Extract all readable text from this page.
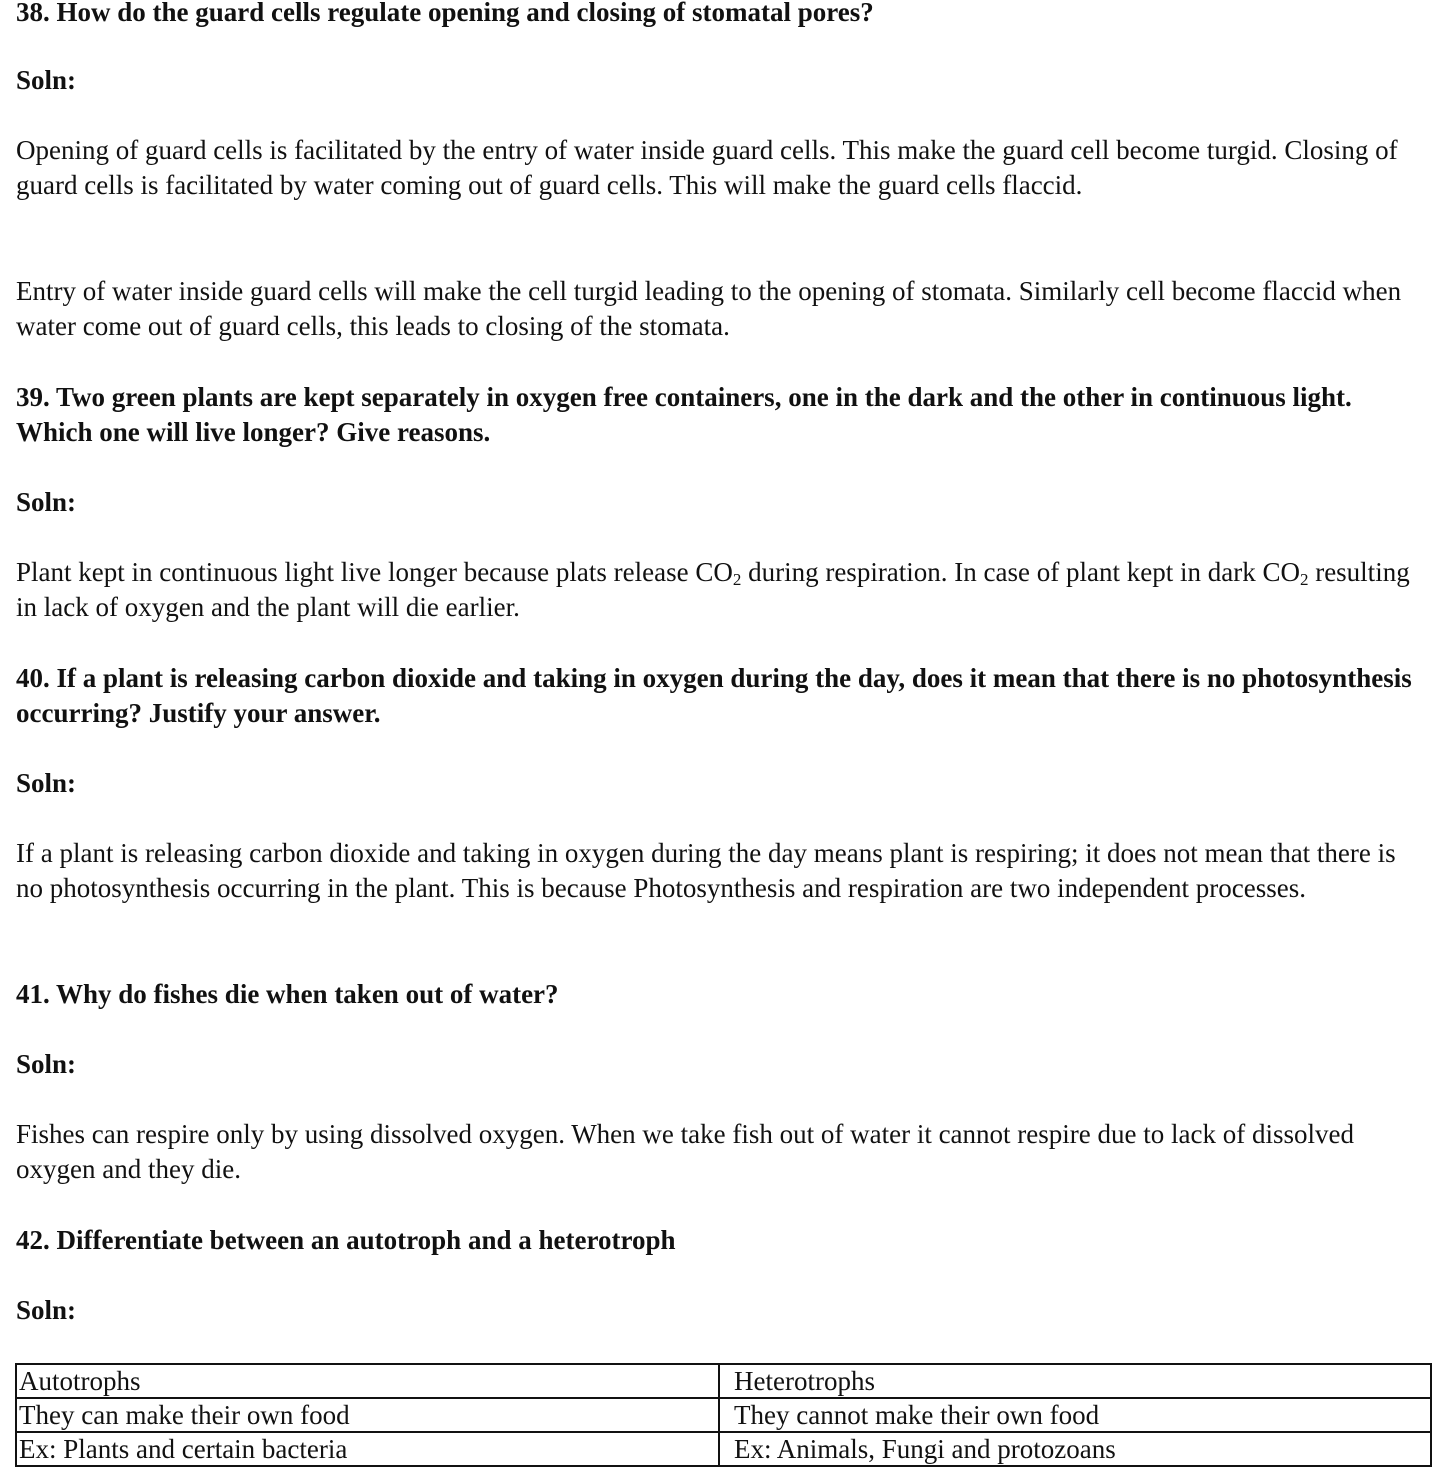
38. How do the guard cells regulate opening and closing of stomatal pores?

Soln:

Opening of guard cells is facilitated by the entry of water inside guard cells. This make the guard cell become turgid. Closing of guard cells is facilitated by water coming out of guard cells. This will make the guard cells flaccid.

Entry of water inside guard cells will make the cell turgid leading to the opening of stomata. Similarly cell become flaccid when water come out of guard cells, this leads to closing of the stomata.

39. Two green plants are kept separately in oxygen free containers, one in the dark and the other in continuous light. Which one will live longer? Give reasons.

Soln:

Plant kept in continuous light live longer because plats release $CO_2$ during respiration. In case of plant kept in dark $CO_2$ resulting in lack of oxygen and the plant will die earlier.

40. If a plant is releasing carbon dioxide and taking in oxygen during the day, does it mean that there is no photosynthesis occurring? Justify your answer.

Soln:

If a plant is releasing carbon dioxide and taking in oxygen during the day means plant is respiring; it does not mean that there is no photosynthesis occurring in the plant. This is because Photosynthesis and respiration are two independent processes.

41. Why do fishes die when taken out of water?

Soln:

Fishes can respire only by using dissolved oxygen. When we take fish out of water it cannot respire due to lack of dissolved oxygen and they die.

42. Differentiate between an autotroph and a heterotroph

Soln:

Autotrophs	Heterotrophs
They can make their own food	They cannot make their own food
Ex: Plants and certain bacteria	Ex: Animals, Fungi and protozoans
